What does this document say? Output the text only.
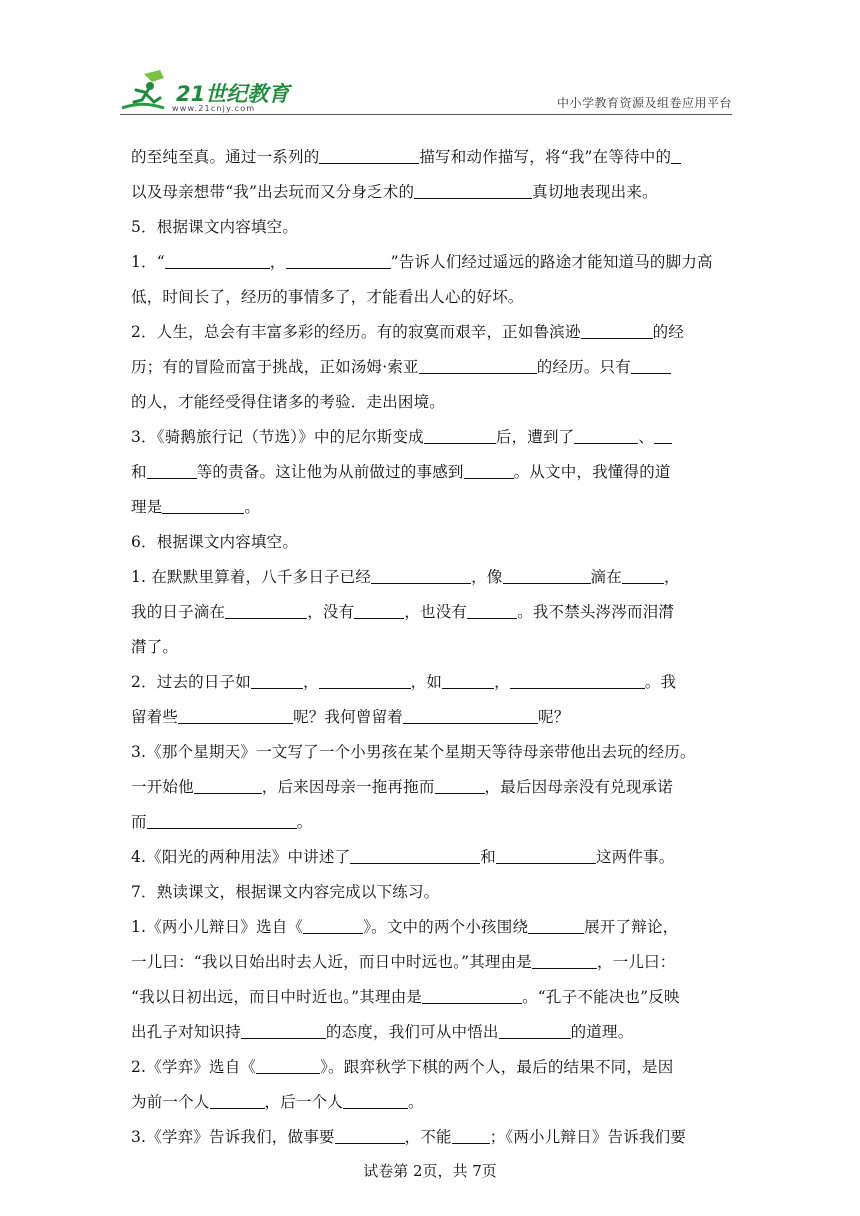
21世纪教育
www.21cnjy.com	中小学教育资源及组卷应用平台
的至纯至真。通过一系列的	描写和动作描写，将“我”在等待中的
以及母亲想带“我”出去玩而又分身乏术的	真切地表现出来。
5．根据课文内容填空。
1．“	，	”告诉人们经过遥远的路途才能知道马的脚力高
低，时间长了，经历的事情多了，才能看出人心的好坏。
2．人生，总会有丰富多彩的经历。有的寂寞而艰辛，正如鲁滨逊	的经
历；有的冒险而富于挑战，正如汤姆·索亚	的经历。只有
的人，才能经受得住诸多的考验．走出困境。
3．《骑鹅旅行记（节选）》中的尼尔斯变成	后，遭到了	、
和	等的责备。这让他为从前做过的事感到	。从文中，我懂得的道
理是	。
6．根据课文内容填空。
1. 在默默里算着，八千多日子已经	，像	滴在	，
我的日子滴在	，没有	，也没有	。我不禁头涔涔而泪潸
潸了。
2．过去的日子如	，	，如	，	。我
留着些	呢？我何曾留着	呢？
3.《那个星期天》一文写了一个小男孩在某个星期天等待母亲带他出去玩的经历。
一开始他	，后来因母亲一拖再拖而	，最后因母亲没有兑现承诺
而	。
4.《阳光的两种用法》中讲述了	和	这两件事。
7．熟读课文，根据课文内容完成以下练习。
1.《两小儿辩日》选自《	》。文中的两个小孩围绕	展开了辩论，
一儿曰：“我以日始出时去人近，而日中时远也。”其理由是	，一儿曰：
“我以日初出远，而日中时近也。”其理由是	。“孔子不能决也”反映
出孔子对知识持	的态度，我们可从中悟出	的道理。
2.《学弈》选自《	》。跟弈秋学下棋的两个人，最后的结果不同，是因
为前一个人	，后一个人	。
3.《学弈》告诉我们，做事要	，不能 ；《两小儿辩日》告诉我们要
试卷第 2页，共 7页
